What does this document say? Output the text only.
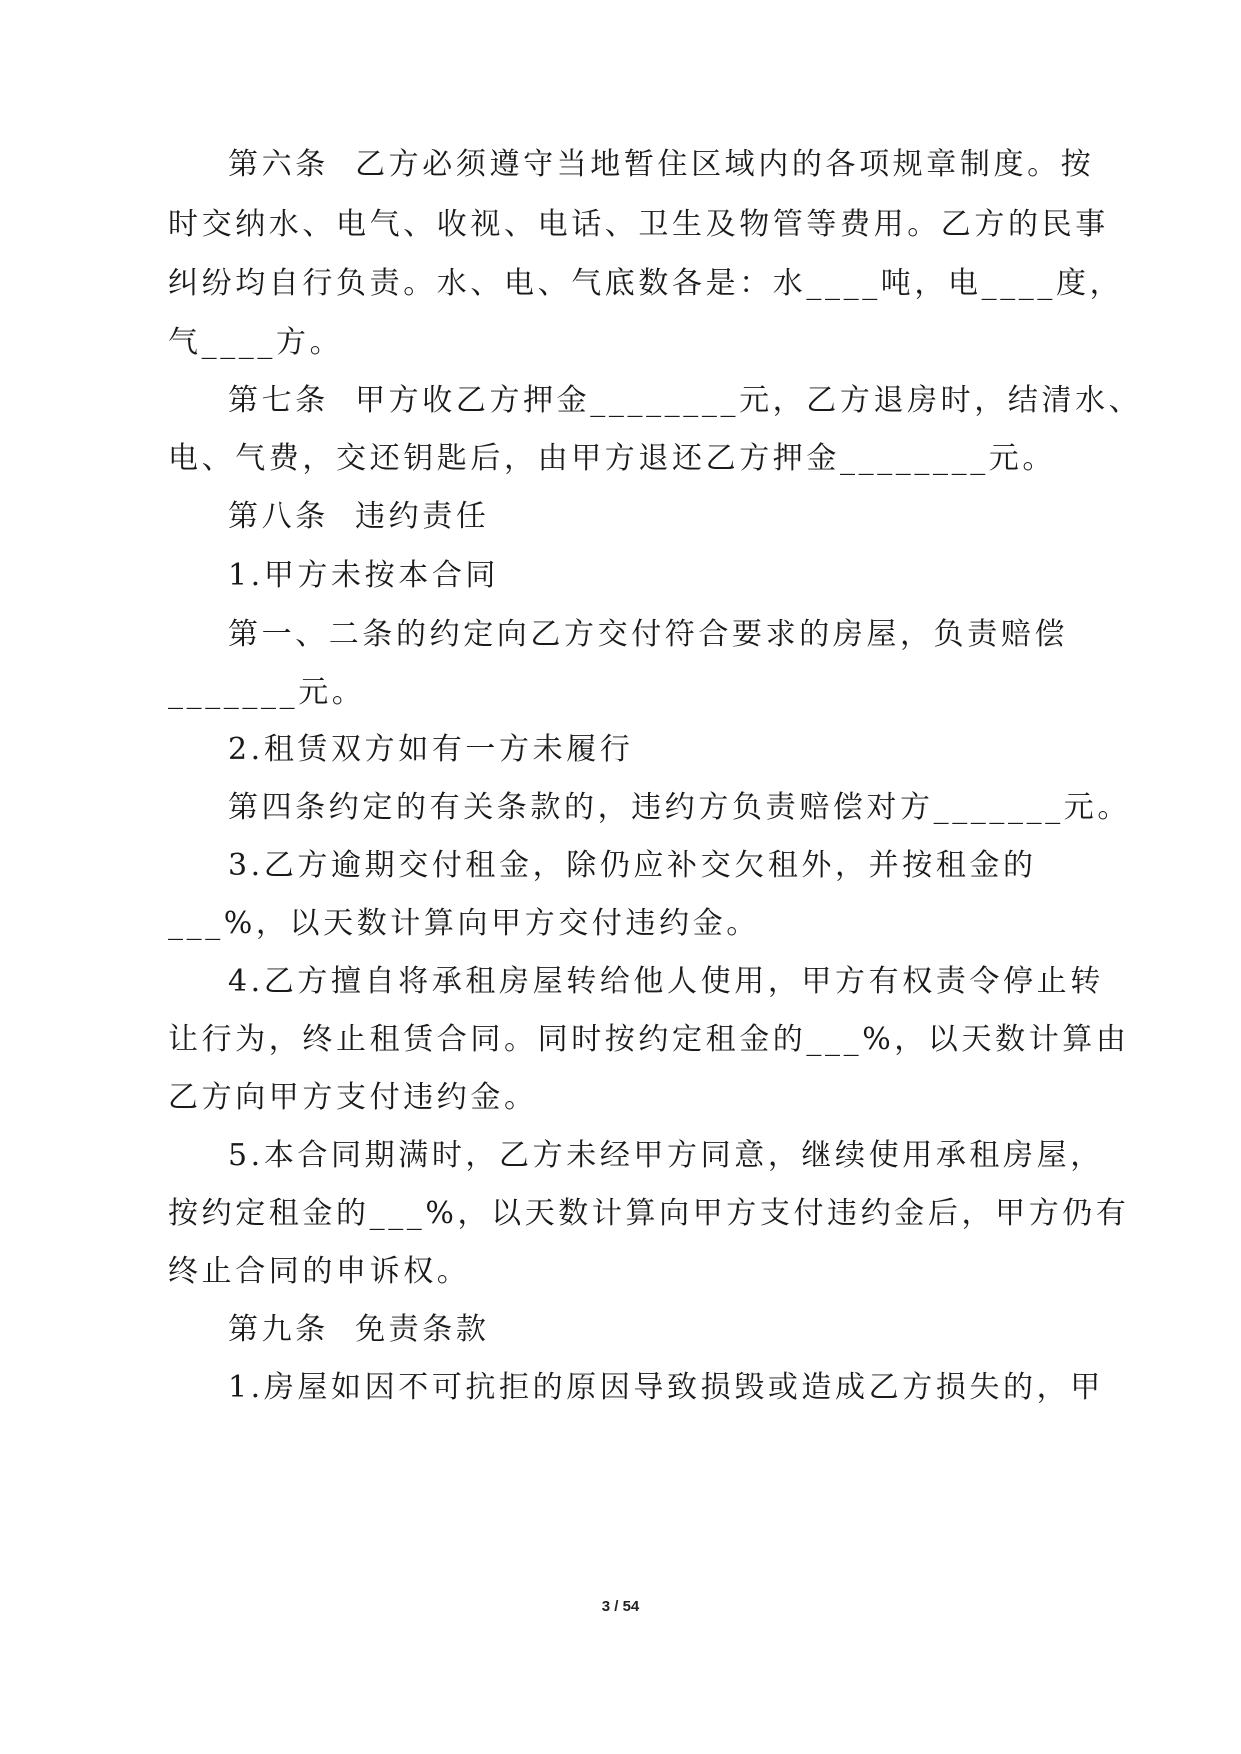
第六条  乙方必须遵守当地暂住区域内的各项规章制度。按
时交纳水、电气、收视、电话、卫生及物管等费用。乙方的民事
纠纷均自行负责。水、电、气底数各是：水____吨，电____度，
气____方。
第七条  甲方收乙方押金________元，乙方退房时，结清水、
电、气费，交还钥匙后，由甲方退还乙方押金________元。
第八条  违约责任
1.甲方未按本合同
第一、二条的约定向乙方交付符合要求的房屋，负责赔偿
_______元。
2.租赁双方如有一方未履行
第四条约定的有关条款的，违约方负责赔偿对方_______元。
3.乙方逾期交付租金，除仍应补交欠租外，并按租金的
___%，以天数计算向甲方交付违约金。
4.乙方擅自将承租房屋转给他人使用，甲方有权责令停止转
让行为，终止租赁合同。同时按约定租金的___%，以天数计算由
乙方向甲方支付违约金。
5.本合同期满时，乙方未经甲方同意，继续使用承租房屋，
按约定租金的___%，以天数计算向甲方支付违约金后，甲方仍有
终止合同的申诉权。
第九条  免责条款
1.房屋如因不可抗拒的原因导致损毁或造成乙方损失的，甲
3 / 54
